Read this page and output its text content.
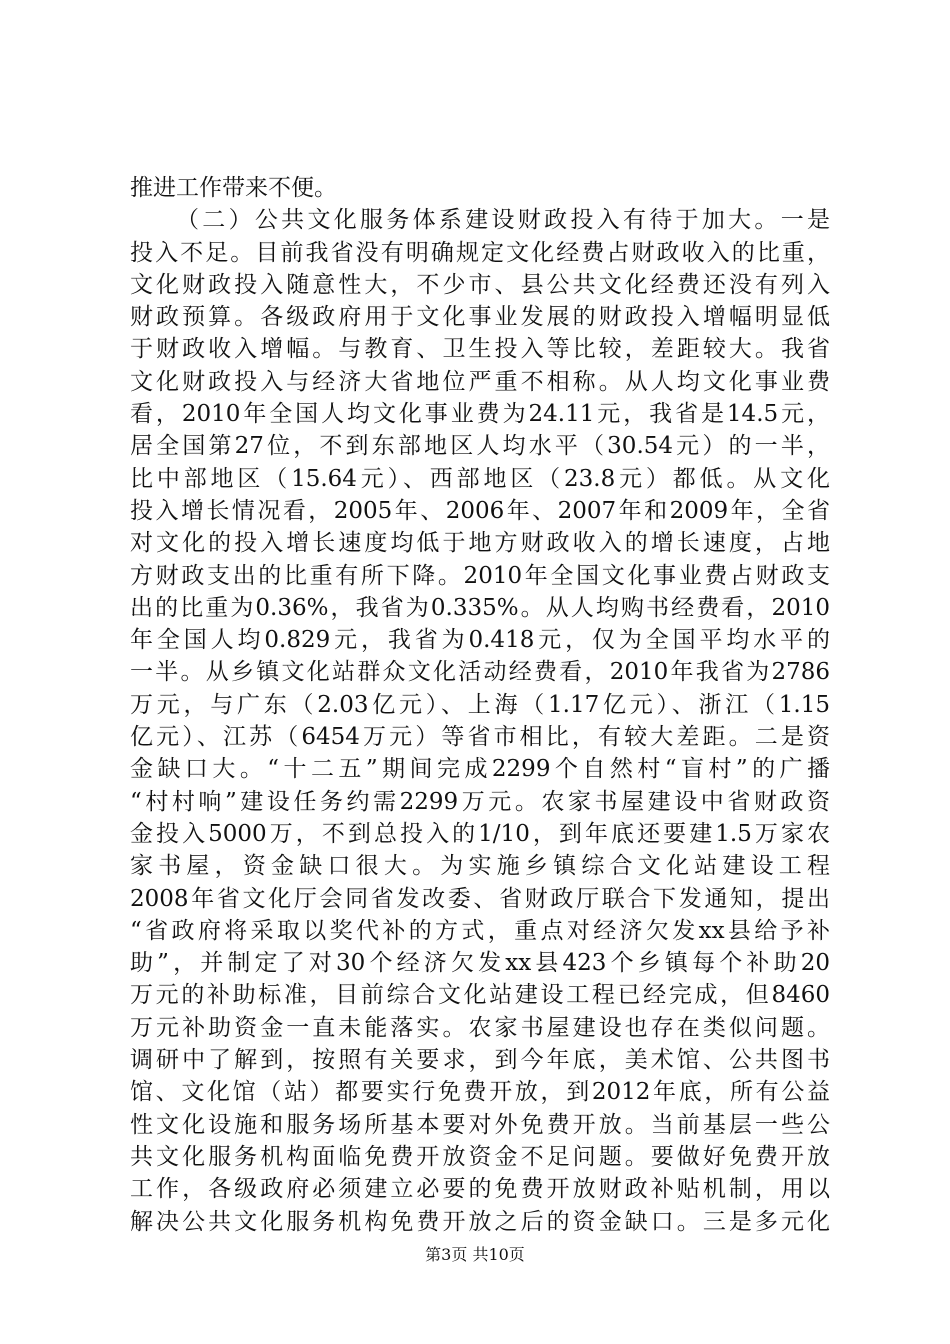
推进工作带来不便。
（二）公共文化服务体系建设财政投入有待于加大。一是
投入不足。目前我省没有明确规定文化经费占财政收入的比重，
文化财政投入随意性大，不少市、县公共文化经费还没有列入
财政预算。各级政府用于文化事业发展的财政投入增幅明显低
于财政收入增幅。与教育、卫生投入等比较，差距较大。我省
文化财政投入与经济大省地位严重不相称。从人均文化事业费
看，2010年全国人均文化事业费为24.11元，我省是14.5元，
居全国第27位，不到东部地区人均水平（30.54元）的一半，
比中部地区（15.64元）、西部地区（23.8元）都低。从文化
投入增长情况看，2005年、2006年、2007年和2009年，全省
对文化的投入增长速度均低于地方财政收入的增长速度，占地
方财政支出的比重有所下降。2010年全国文化事业费占财政支
出的比重为0.36%，我省为0.335%。从人均购书经费看，2010
年全国人均0.829元，我省为0.418元，仅为全国平均水平的
一半。从乡镇文化站群众文化活动经费看，2010年我省为2786
万元，与广东（2.03亿元）、上海（1.17亿元）、浙江（1.15
亿元）、江苏（6454万元）等省市相比，有较大差距。二是资
金缺口大。“十二五”期间完成2299个自然村“盲村”的广播
“村村响”建设任务约需2299万元。农家书屋建设中省财政资
金投入5000万，不到总投入的1/10，到年底还要建1.5万家农
家书屋，资金缺口很大。为实施乡镇综合文化站建设工程
2008年省文化厅会同省发改委、省财政厅联合下发通知，提出
“省政府将采取以奖代补的方式，重点对经济欠发xx县给予补
助”，并制定了对30个经济欠发xx县423个乡镇每个补助20
万元的补助标准，目前综合文化站建设工程已经完成，但8460
万元补助资金一直未能落实。农家书屋建设也存在类似问题。
调研中了解到，按照有关要求，到今年底，美术馆、公共图书
馆、文化馆（站）都要实行免费开放，到2012年底，所有公益
性文化设施和服务场所基本要对外免费开放。当前基层一些公
共文化服务机构面临免费开放资金不足问题。要做好免费开放
工作，各级政府必须建立必要的免费开放财政补贴机制，用以
解决公共文化服务机构免费开放之后的资金缺口。三是多元化
第3页 共10页
